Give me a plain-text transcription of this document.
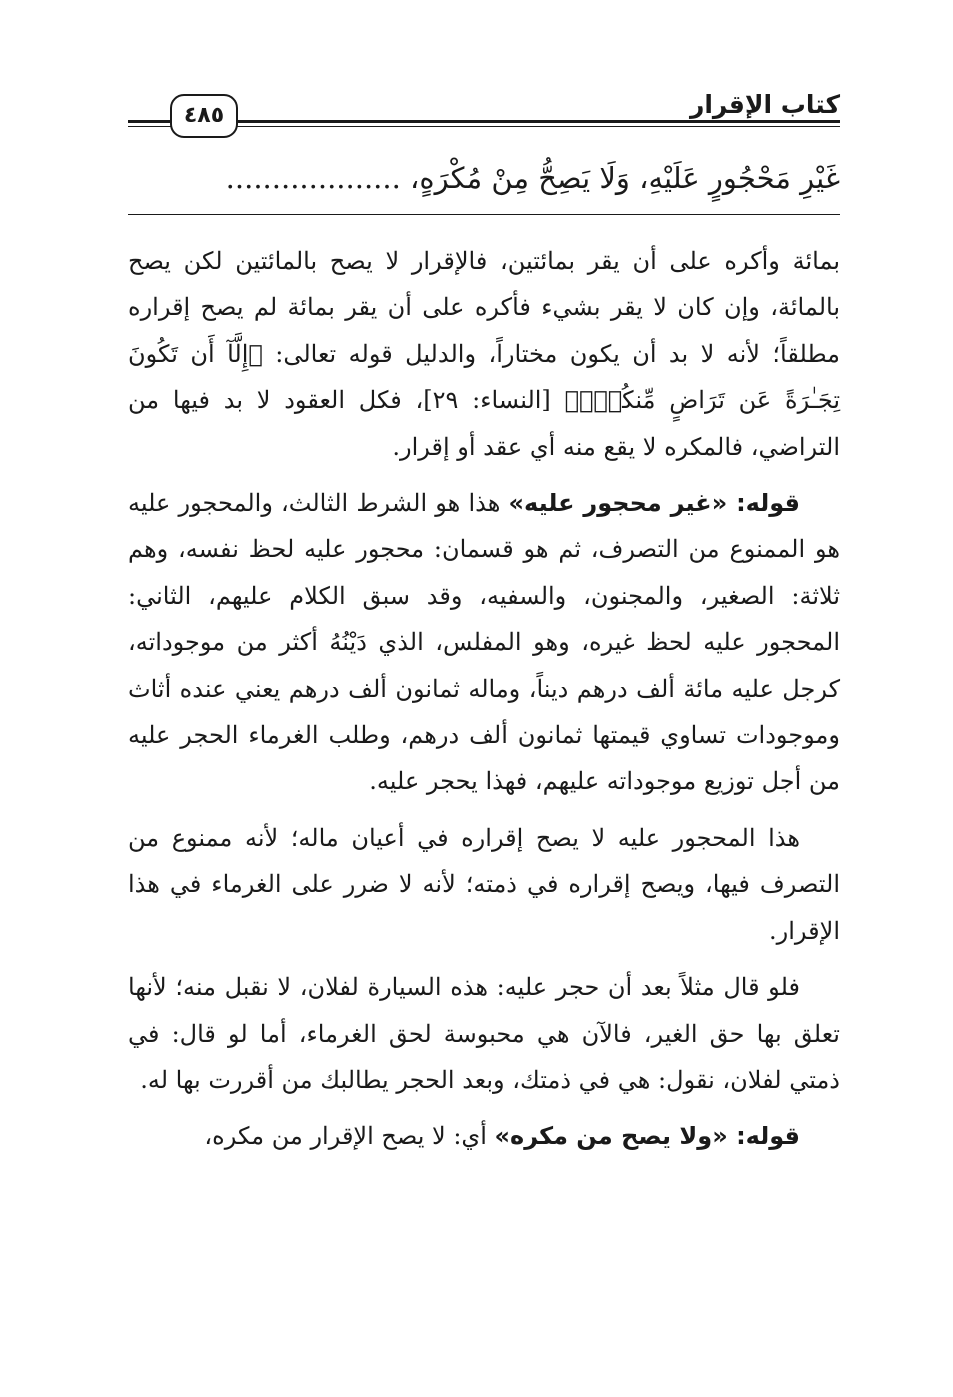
كتاب الإقرار
٤٨٥
غَيْرِ مَحْجُورٍ عَلَيْهِ، وَلَا يَصِحُّ مِنْ مُكْرَهٍ، ...................

بمائة وأكره على أن يقر بمائتين، فالإقرار لا يصح بالمائتين لكن يصح بالمائة، وإن كان لا يقر بشيء فأكره على أن يقر بمائة لم يصح إقراره مطلقاً؛ لأنه لا بد أن يكون مختاراً، والدليل قوله تعالى: ﴿إِلَّآ أَن تَكُونَ تِجَـٰرَةً عَن تَرَاضٍ مِّنكُمْۚ﴾ [النساء: ٢٩]، فكل العقود لا بد فيها من التراضي، فالمكره لا يقع منه أي عقد أو إقرار.

قوله: «غير محجور عليه» هذا هو الشرط الثالث، والمحجور عليه هو الممنوع من التصرف، ثم هو قسمان: محجور عليه لحظ نفسه، وهم ثلاثة: الصغير، والمجنون، والسفيه، وقد سبق الكلام عليهم، الثاني: المحجور عليه لحظ غيره، وهو المفلس، الذي دَيْنُهُ أكثر من موجوداته، كرجل عليه مائة ألف درهم ديناً، وماله ثمانون ألف درهم يعني عنده أثاث وموجودات تساوي قيمتها ثمانون ألف درهم، وطلب الغرماء الحجر عليه من أجل توزيع موجوداته عليهم، فهذا يحجر عليه.

هذا المحجور عليه لا يصح إقراره في أعيان ماله؛ لأنه ممنوع من التصرف فيها، ويصح إقراره في ذمته؛ لأنه لا ضرر على الغرماء في هذا الإقرار.

فلو قال مثلاً بعد أن حجر عليه: هذه السيارة لفلان، لا نقبل منه؛ لأنها تعلق بها حق الغير، فالآن هي محبوسة لحق الغرماء، أما لو قال: في ذمتي لفلان، نقول: هي في ذمتك، وبعد الحجر يطالبك من أقررت بها له.

قوله: «ولا يصح من مكره» أي: لا يصح الإقرار من مكره،
